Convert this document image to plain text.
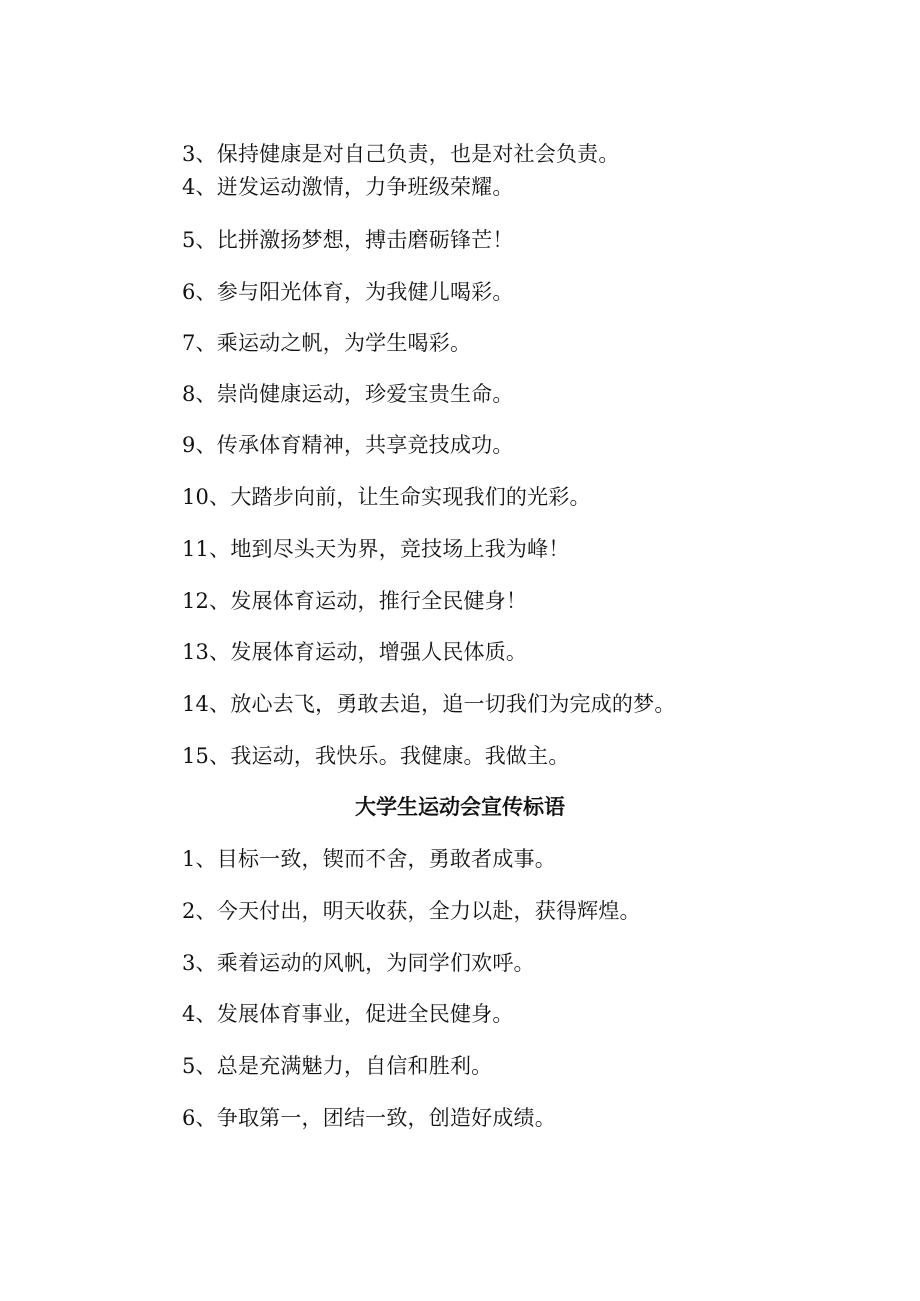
3、保持健康是对自己负责，也是对社会负责。
4、迸发运动激情，力争班级荣耀。
5、比拼激扬梦想，搏击磨砺锋芒！
6、参与阳光体育，为我健儿喝彩。
7、乘运动之帆，为学生喝彩。
8、崇尚健康运动，珍爱宝贵生命。
9、传承体育精神，共享竞技成功。
10、大踏步向前，让生命实现我们的光彩。
11、地到尽头天为界，竞技场上我为峰！
12、发展体育运动，推行全民健身！
13、发展体育运动，增强人民体质。
14、放心去飞，勇敢去追，追一切我们为完成的梦。
15、我运动，我快乐。我健康。我做主。
大学生运动会宣传标语
1、目标一致，锲而不舍，勇敢者成事。
2、今天付出，明天收获，全力以赴，获得辉煌。
3、乘着运动的风帆，为同学们欢呼。
4、发展体育事业，促进全民健身。
5、总是充满魅力，自信和胜利。
6、争取第一，团结一致，创造好成绩。
